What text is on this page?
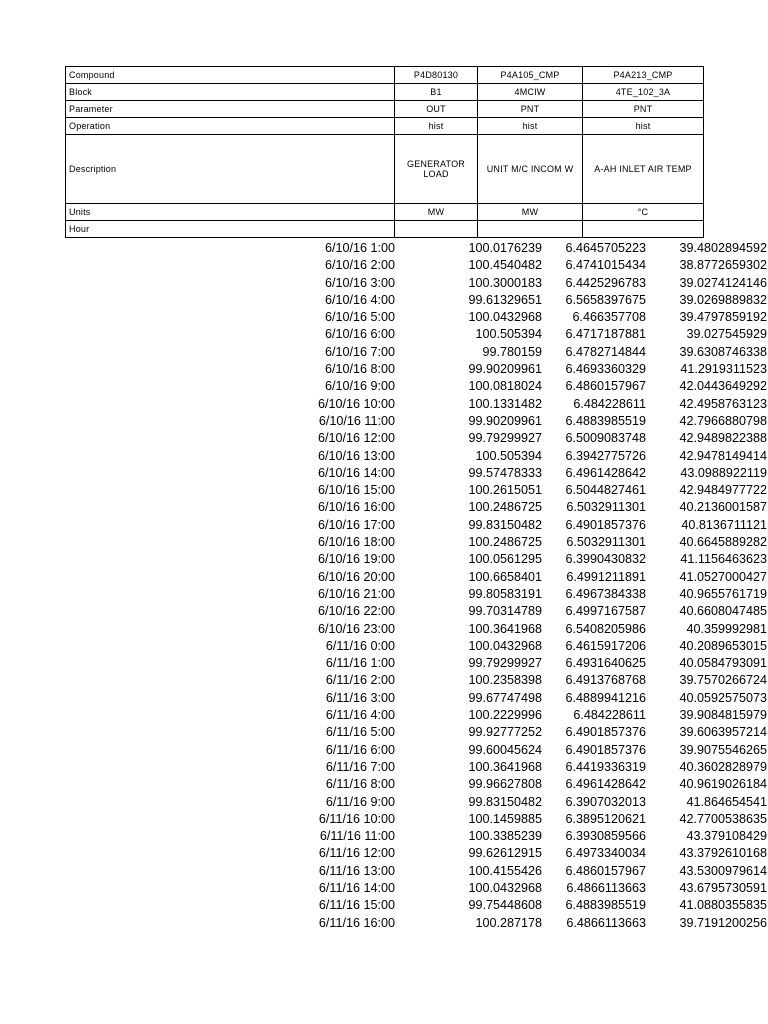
Compound	P4D80130	P4A105_CMP	P4A213_CMP
Block	B1	4MCIW	4TE_102_3A
Parameter	OUT	PNT	PNT
Operation	hist	hist	hist
Description	GENERATOR LOAD	UNIT M/C INCOM W	A-AH INLET AIR TEMP
Units	MW	MW	°C
Hour			
6/10/16 1:00	100.0176239	6.4645705223	39.4802894592
6/10/16 2:00	100.4540482	6.4741015434	38.8772659302
6/10/16 3:00	100.3000183	6.4425296783	39.0274124146
6/10/16 4:00	99.61329651	6.5658397675	39.0269889832
6/10/16 5:00	100.0432968	6.466357708	39.4797859192
6/10/16 6:00	100.505394	6.4717187881	39.027545929
6/10/16 7:00	99.780159	6.4782714844	39.6308746338
6/10/16 8:00	99.90209961	6.4693360329	41.2919311523
6/10/16 9:00	100.0818024	6.4860157967	42.0443649292
6/10/16 10:00	100.1331482	6.484228611	42.4958763123
6/10/16 11:00	99.90209961	6.4883985519	42.7966880798
6/10/16 12:00	99.79299927	6.5009083748	42.9489822388
6/10/16 13:00	100.505394	6.3942775726	42.9478149414
6/10/16 14:00	99.57478333	6.4961428642	43.0988922119
6/10/16 15:00	100.2615051	6.5044827461	42.9484977722
6/10/16 16:00	100.2486725	6.5032911301	40.2136001587
6/10/16 17:00	99.83150482	6.4901857376	40.8136711121
6/10/16 18:00	100.2486725	6.5032911301	40.6645889282
6/10/16 19:00	100.0561295	6.3990430832	41.1156463623
6/10/16 20:00	100.6658401	6.4991211891	41.0527000427
6/10/16 21:00	99.80583191	6.4967384338	40.9655761719
6/10/16 22:00	99.70314789	6.4997167587	40.6608047485
6/10/16 23:00	100.3641968	6.5408205986	40.359992981
6/11/16 0:00	100.0432968	6.4615917206	40.2089653015
6/11/16 1:00	99.79299927	6.4931640625	40.0584793091
6/11/16 2:00	100.2358398	6.4913768768	39.7570266724
6/11/16 3:00	99.67747498	6.4889941216	40.0592575073
6/11/16 4:00	100.2229996	6.484228611	39.9084815979
6/11/16 5:00	99.92777252	6.4901857376	39.6063957214
6/11/16 6:00	99.60045624	6.4901857376	39.9075546265
6/11/16 7:00	100.3641968	6.4419336319	40.3602828979
6/11/16 8:00	99.96627808	6.4961428642	40.9619026184
6/11/16 9:00	99.83150482	6.3907032013	41.864654541
6/11/16 10:00	100.1459885	6.3895120621	42.7700538635
6/11/16 11:00	100.3385239	6.3930859566	43.379108429
6/11/16 12:00	99.62612915	6.4973340034	43.3792610168
6/11/16 13:00	100.4155426	6.4860157967	43.5300979614
6/11/16 14:00	100.0432968	6.4866113663	43.6795730591
6/11/16 15:00	99.75448608	6.4883985519	41.0880355835
6/11/16 16:00	100.287178	6.4866113663	39.7191200256
